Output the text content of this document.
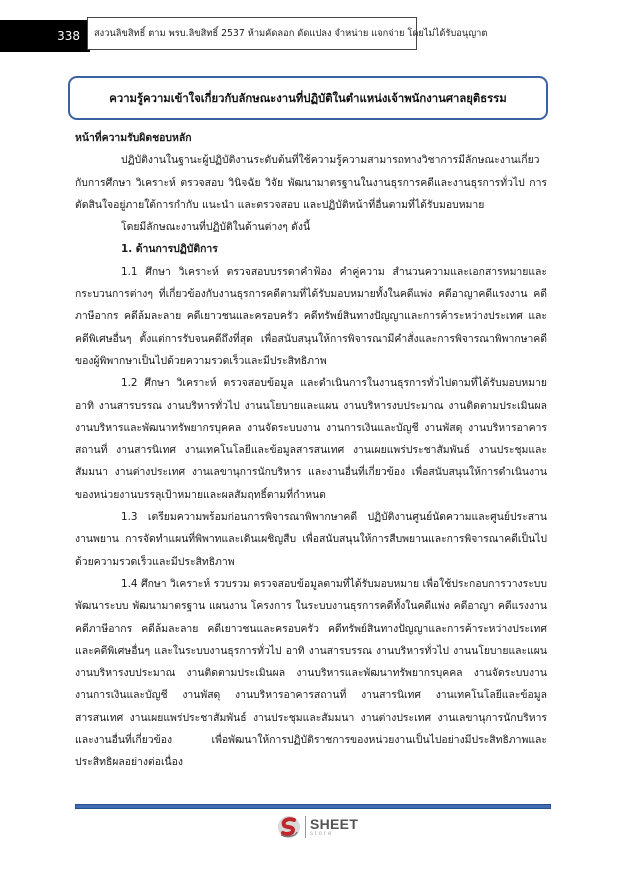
338 สงวนลิขสิทธิ์ ตาม พรบ.ลิขสิทธิ์ 2537 ห้ามคัดลอก ดัดแปลง จำหน่าย แจกจ่าย โดยไม่ได้รับอนุญาต
ความรู้ความเข้าใจเกี่ยวกับลักษณะงานที่ปฏิบัติในตำแหน่งเจ้าพนักงานศาลยุติธรรม

หน้าที่ความรับผิดชอบหลัก

ปฏิบัติงานในฐานะผู้ปฏิบัติงานระดับต้นที่ใช้ความรู้ความสามารถทางวิชาการมีลักษณะงานเกี่ยวกับการศึกษา วิเคราะห์ ตรวจสอบ วินิจฉัย วิจัย พัฒนามาตรฐานในงานธุรการคดีและงานธุรการทั่วไป การตัดสินใจอยู่ภายใต้การกำกับ แนะนำ และตรวจสอบ และปฏิบัติหน้าที่อื่นตามที่ได้รับมอบหมาย

โดยมีลักษณะงานที่ปฏิบัติในด้านต่างๆ ดังนี้

1. ด้านการปฏิบัติการ

1.1 ศึกษา วิเคราะห์ ตรวจสอบบรรดาคำฟ้อง คำคู่ความ สำนวนความและเอกสารหมายและกระบวนการต่างๆ ที่เกี่ยวข้องกับงานธุรการคดีตามที่ได้รับมอบหมายทั้งในคดีแพ่ง คดีอาญาคดีแรงงาน คดีภาษีอากร คดีล้มละลาย คดีเยาวชนและครอบครัว คดีทรัพย์สินทางปัญญาและการค้าระหว่างประเทศ และคดีพิเศษอื่นๆ ตั้งแต่การรับจนคดีถึงที่สุด เพื่อสนับสนุนให้การพิจารณามีคำสั่งและการพิจารณาพิพากษาคดีของผู้พิพากษาเป็นไปด้วยความรวดเร็วและมีประสิทธิภาพ

1.2 ศึกษา วิเคราะห์ ตรวจสอบข้อมูล และดำเนินการในงานธุรการทั่วไปตามที่ได้รับมอบหมาย อาทิ งานสารบรรณ งานบริหารทั่วไป งานนโยบายและแผน งานบริหารงบประมาณ งานติดตามประเมินผล งานบริหารและพัฒนาทรัพยากรบุคคล งานจัดระบบงาน งานการเงินและบัญชี งานพัสดุ งานบริหารอาคารสถานที่ งานสารนิเทศ งานเทคโนโลยีและข้อมูลสารสนเทศ งานเผยแพร่ประชาสัมพันธ์ งานประชุมและสัมมนา งานต่างประเทศ งานเลขานุการนักบริหาร และงานอื่นที่เกี่ยวข้อง เพื่อสนับสนุนให้การดำเนินงานของหน่วยงานบรรลุเป้าหมายและผลสัมฤทธิ์ตามที่กำหนด

1.3 เตรียมความพร้อมก่อนการพิจารณาพิพากษาคดี ปฏิบัติงานศูนย์นัดความและศูนย์ประสานงานพยาน การจัดทำแผนที่พิพาทและเดินเผชิญสืบ เพื่อสนับสนุนให้การสืบพยานและการพิจารณาคดีเป็นไปด้วยความรวดเร็วและมีประสิทธิภาพ

1.4 ศึกษา วิเคราะห์ รวบรวม ตรวจสอบข้อมูลตามที่ได้รับมอบหมาย เพื่อใช้ประกอบการวางระบบ พัฒนาระบบ พัฒนามาตรฐาน แผนงาน โครงการ ในระบบงานธุรการคดีทั้งในคดีแพ่ง คดีอาญา คดีแรงงาน คดีภาษีอากร คดีล้มละลาย คดีเยาวชนและครอบครัว คดีทรัพย์สินทางปัญญาและการค้าระหว่างประเทศ และคดีพิเศษอื่นๆ และในระบบงานธุรการทั่วไป อาทิ งานสารบรรณ งานบริหารทั่วไป งานนโยบายและแผน งานบริหารงบประมาณ งานติดตามประเมินผล งานบริหารและพัฒนาทรัพยากรบุคคล งานจัดระบบงาน งานการเงินและบัญชี งานพัสดุ งานบริหารอาคารสถานที่ งานสารนิเทศ งานเทคโนโลยีและข้อมูลสารสนเทศ งานเผยแพร่ประชาสัมพันธ์ งานประชุมและสัมมนา งานต่างประเทศ งานเลขานุการนักบริหาร และงานอื่นที่เกี่ยวข้อง เพื่อพัฒนาให้การปฏิบัติราชการของหน่วยงานเป็นไปอย่างมีประสิทธิภาพและประสิทธิผลอย่างต่อเนื่อง

SHEET
store
